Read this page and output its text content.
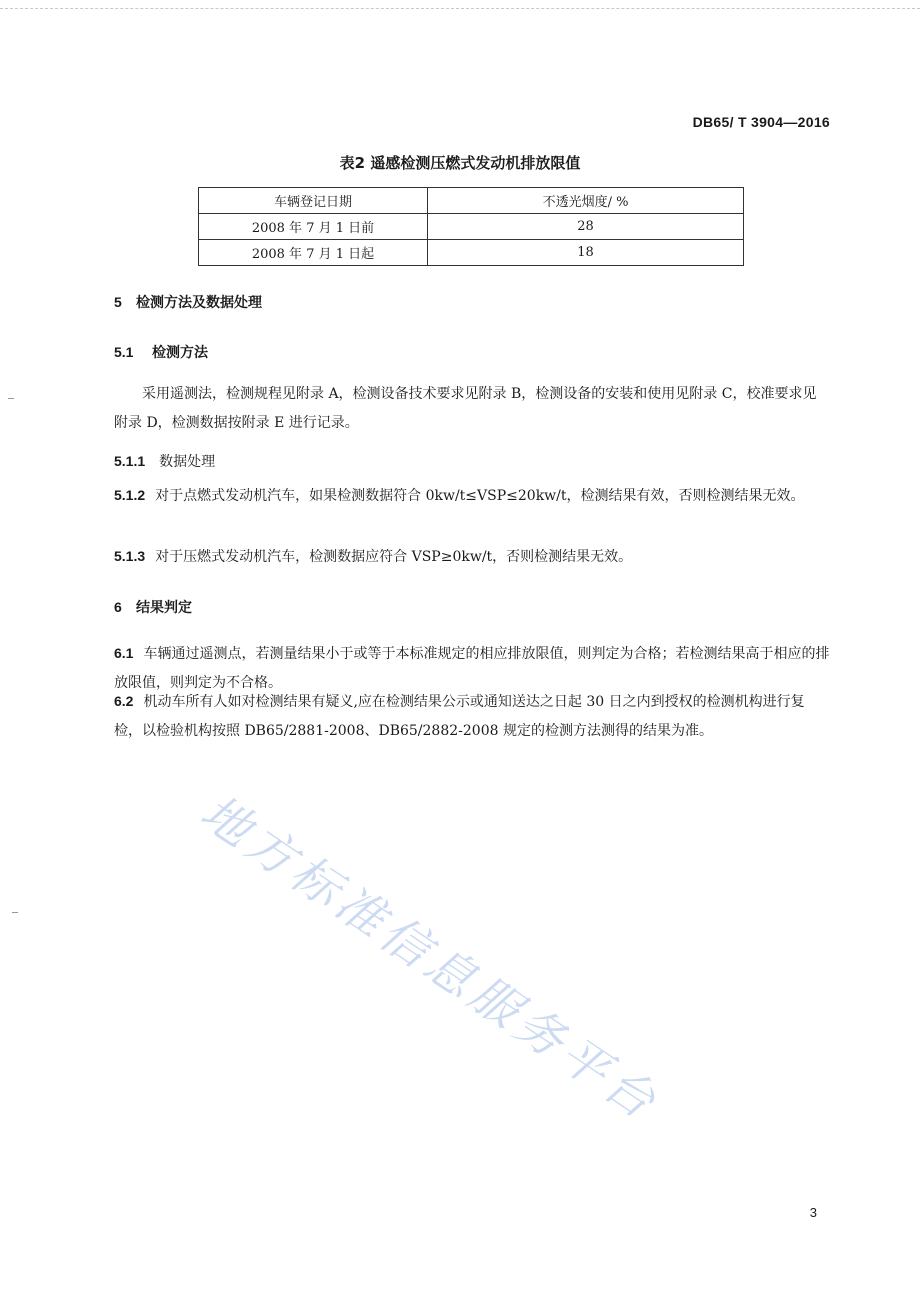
DB65/ T 3904—2016
表2 遥感检测压燃式发动机排放限值
车辆登记日期	不透光烟度/ %
2008 年 7 月 1 日前	28
2008 年 7 月 1 日起	18
5 检测方法及数据处理
5.1 检测方法
采用遥测法，检测规程见附录 A，检测设备技术要求见附录 B，检测设备的安装和使用见附录 C，校准要求见附录 D，检测数据按附录 E 进行记录。
5.1.1 数据处理
5.1.2 对于点燃式发动机汽车，如果检测数据符合 0kw/t≤VSP≤20kw/t，检测结果有效，否则检测结果无效。
5.1.3 对于压燃式发动机汽车，检测数据应符合 VSP≥0kw/t，否则检测结果无效。
6 结果判定
6.1 车辆通过遥测点，若测量结果小于或等于本标准规定的相应排放限值，则判定为合格；若检测结果高于相应的排放限值，则判定为不合格。
6.2 机动车所有人如对检测结果有疑义,应在检测结果公示或通知送达之日起 30 日之内到授权的检测机构进行复检，以检验机构按照 DB65/2881-2008、DB65/2882-2008 规定的检测方法测得的结果为准。
地方标准信息服务平台
3
